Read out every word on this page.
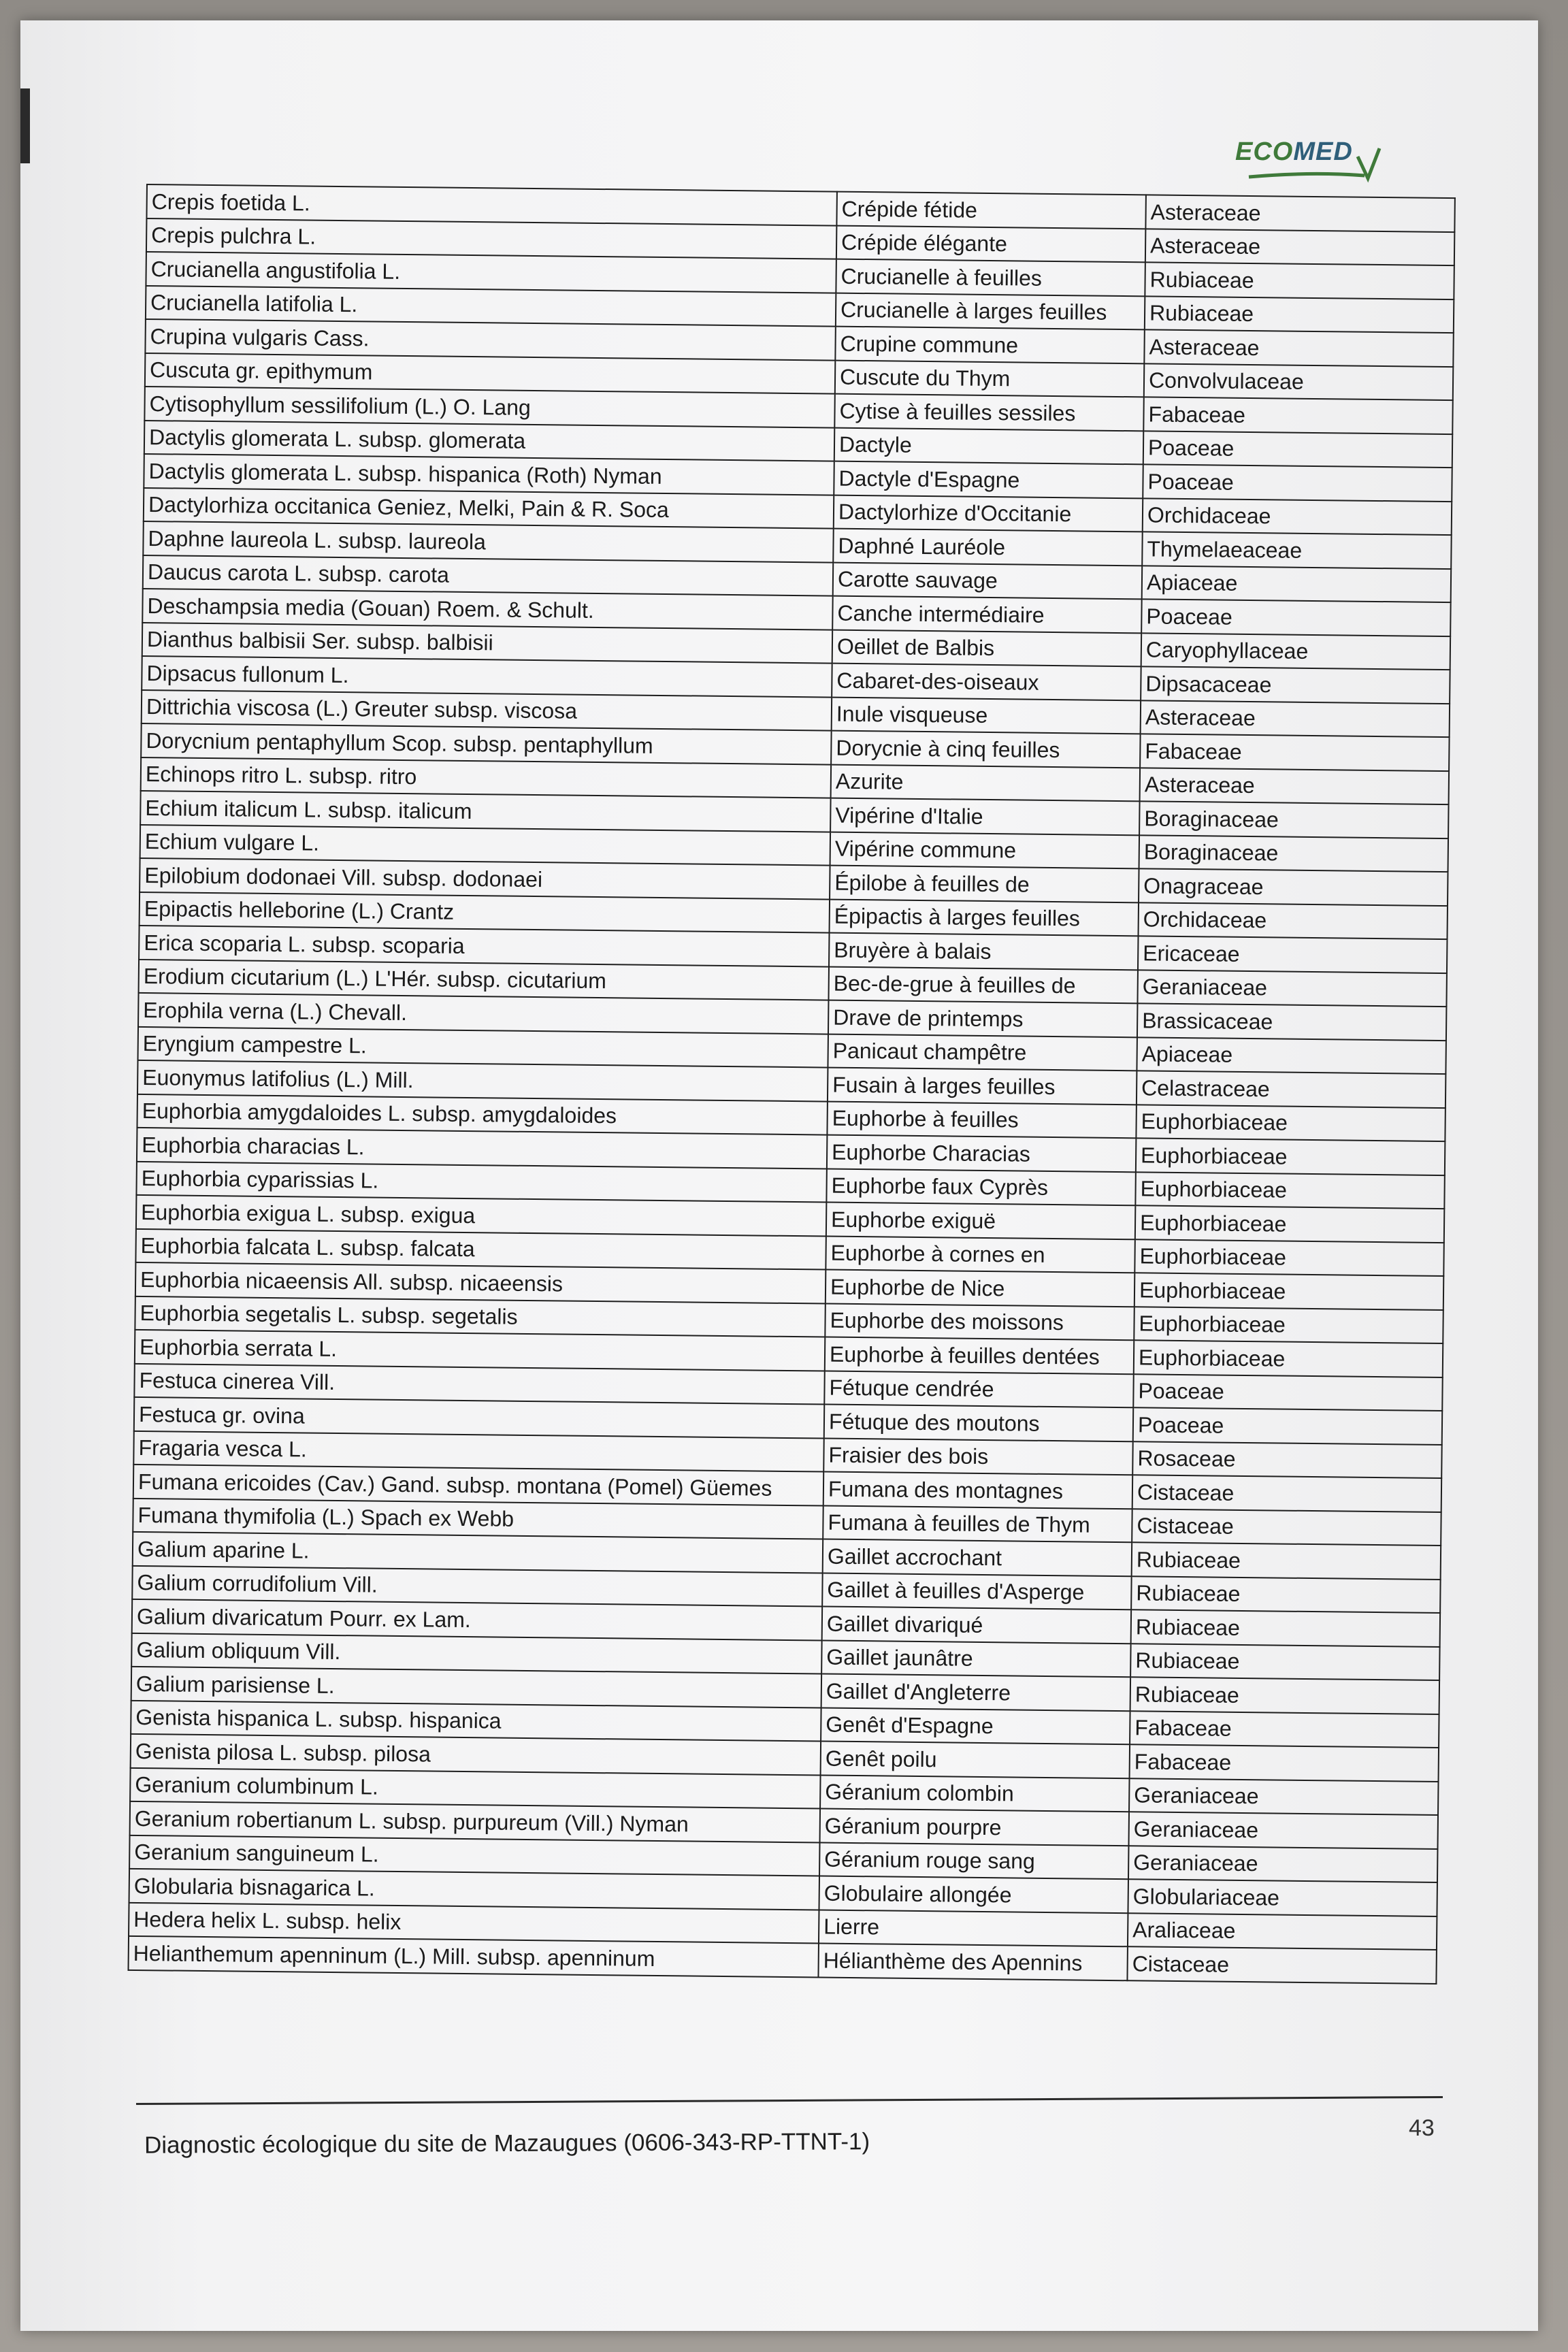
ECOMED
Crepis foetida L.	Crépide fétide	Asteraceae
Crepis pulchra L.	Crépide élégante	Asteraceae
Crucianella angustifolia L.	Crucianelle à feuilles	Rubiaceae
Crucianella latifolia L.	Crucianelle à larges feuilles	Rubiaceae
Crupina vulgaris Cass.	Crupine commune	Asteraceae
Cuscuta gr. epithymum	Cuscute du Thym	Convolvulaceae
Cytisophyllum sessilifolium (L.) O. Lang	Cytise à feuilles sessiles	Fabaceae
Dactylis glomerata L. subsp. glomerata	Dactyle	Poaceae
Dactylis glomerata L. subsp. hispanica (Roth) Nyman	Dactyle d'Espagne	Poaceae
Dactylorhiza occitanica Geniez, Melki, Pain & R. Soca	Dactylorhize d'Occitanie	Orchidaceae
Daphne laureola L. subsp. laureola	Daphné Lauréole	Thymelaeaceae
Daucus carota L. subsp. carota	Carotte sauvage	Apiaceae
Deschampsia media (Gouan) Roem. & Schult.	Canche intermédiaire	Poaceae
Dianthus balbisii Ser. subsp. balbisii	Oeillet de Balbis	Caryophyllaceae
Dipsacus fullonum L.	Cabaret-des-oiseaux	Dipsacaceae
Dittrichia viscosa (L.) Greuter subsp. viscosa	Inule visqueuse	Asteraceae
Dorycnium pentaphyllum Scop. subsp. pentaphyllum	Dorycnie à cinq feuilles	Fabaceae
Echinops ritro L. subsp. ritro	Azurite	Asteraceae
Echium italicum L. subsp. italicum	Vipérine d'Italie	Boraginaceae
Echium vulgare L.	Vipérine commune	Boraginaceae
Epilobium dodonaei Vill. subsp. dodonaei	Épilobe à feuilles de	Onagraceae
Epipactis helleborine (L.) Crantz	Épipactis à larges feuilles	Orchidaceae
Erica scoparia L. subsp. scoparia	Bruyère à balais	Ericaceae
Erodium cicutarium (L.) L'Hér. subsp. cicutarium	Bec-de-grue à feuilles de	Geraniaceae
Erophila verna (L.) Chevall.	Drave de printemps	Brassicaceae
Eryngium campestre L.	Panicaut champêtre	Apiaceae
Euonymus latifolius (L.) Mill.	Fusain à larges feuilles	Celastraceae
Euphorbia amygdaloides L. subsp. amygdaloides	Euphorbe à feuilles	Euphorbiaceae
Euphorbia characias L.	Euphorbe Characias	Euphorbiaceae
Euphorbia cyparissias L.	Euphorbe faux Cyprès	Euphorbiaceae
Euphorbia exigua L. subsp. exigua	Euphorbe exiguë	Euphorbiaceae
Euphorbia falcata L. subsp. falcata	Euphorbe à cornes en	Euphorbiaceae
Euphorbia nicaeensis All. subsp. nicaeensis	Euphorbe de Nice	Euphorbiaceae
Euphorbia segetalis L. subsp. segetalis	Euphorbe des moissons	Euphorbiaceae
Euphorbia serrata L.	Euphorbe à feuilles dentées	Euphorbiaceae
Festuca cinerea Vill.	Fétuque cendrée	Poaceae
Festuca gr. ovina	Fétuque des moutons	Poaceae
Fragaria vesca L.	Fraisier des bois	Rosaceae
Fumana ericoides (Cav.) Gand. subsp. montana (Pomel) Güemes	Fumana des montagnes	Cistaceae
Fumana thymifolia (L.) Spach ex Webb	Fumana à feuilles de Thym	Cistaceae
Galium aparine L.	Gaillet accrochant	Rubiaceae
Galium corrudifolium Vill.	Gaillet à feuilles d'Asperge	Rubiaceae
Galium divaricatum Pourr. ex Lam.	Gaillet divariqué	Rubiaceae
Galium obliquum Vill.	Gaillet jaunâtre	Rubiaceae
Galium parisiense L.	Gaillet d'Angleterre	Rubiaceae
Genista hispanica L. subsp. hispanica	Genêt d'Espagne	Fabaceae
Genista pilosa L. subsp. pilosa	Genêt poilu	Fabaceae
Geranium columbinum L.	Géranium colombin	Geraniaceae
Geranium robertianum L. subsp. purpureum (Vill.) Nyman	Géranium pourpre	Geraniaceae
Geranium sanguineum L.	Géranium rouge sang	Geraniaceae
Globularia bisnagarica L.	Globulaire allongée	Globulariaceae
Hedera helix L. subsp. helix	Lierre	Araliaceae
Helianthemum apenninum (L.) Mill. subsp. apenninum	Hélianthème des Apennins	Cistaceae
Diagnostic écologique du site de Mazaugues (0606-343-RP-TTNT-1)
43
